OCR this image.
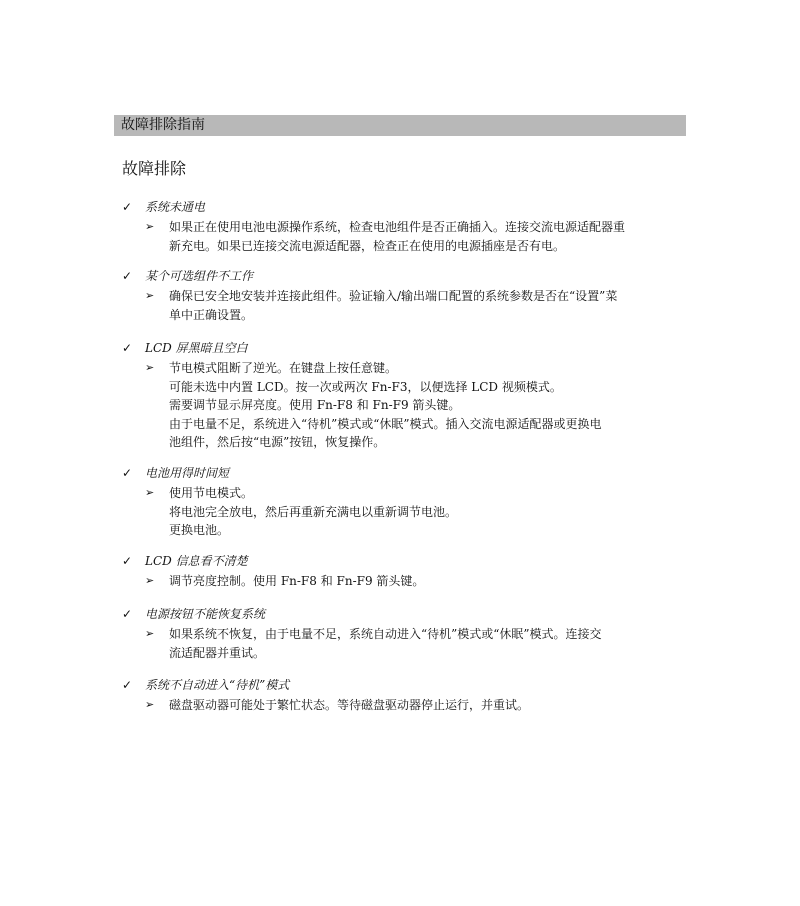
故障排除指南
故障排除
✓ 系统未通电
➢ 如果正在使用电池电源操作系统，检查电池组件是否正确插入。连接交流电源适配器重
新充电。如果已连接交流电源适配器，检查正在使用的电源插座是否有电。
✓ 某个可选组件不工作
➢ 确保已安全地安装并连接此组件。验证输入/输出端口配置的系统参数是否在“设置”菜
单中正确设置。
✓ LCD 屏黑暗且空白
➢ 节电模式阻断了逆光。在键盘上按任意键。
可能未选中内置 LCD。按一次或两次 Fn-F3，以便选择 LCD 视频模式。
需要调节显示屏亮度。使用 Fn-F8 和 Fn-F9 箭头键。
由于电量不足，系统进入“待机”模式或“休眠”模式。插入交流电源适配器或更换电
池组件，然后按“电源”按钮，恢复操作。
✓ 电池用得时间短
➢ 使用节电模式。
将电池完全放电，然后再重新充满电以重新调节电池。
更换电池。
✓ LCD 信息看不清楚
➢ 调节亮度控制。使用 Fn-F8 和 Fn-F9 箭头键。
✓ 电源按钮不能恢复系统
➢ 如果系统不恢复，由于电量不足，系统自动进入“待机”模式或“休眠”模式。连接交
流适配器并重试。
✓ 系统不自动进入“待机”模式
➢ 磁盘驱动器可能处于繁忙状态。等待磁盘驱动器停止运行，并重试。
